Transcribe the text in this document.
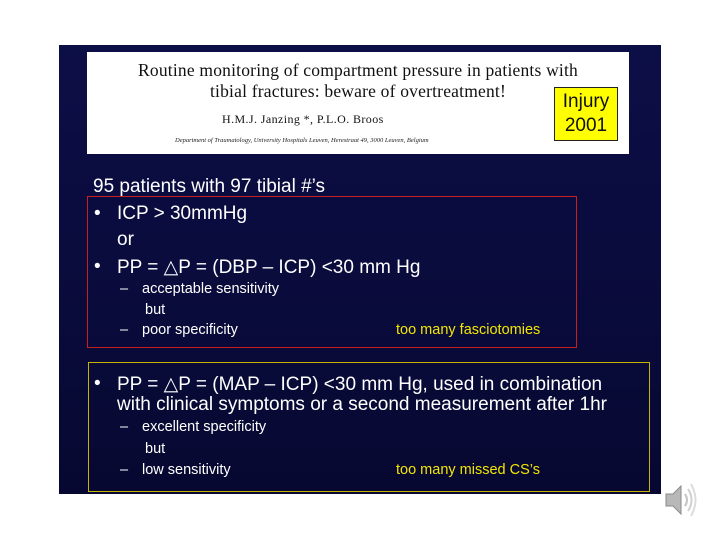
Routine monitoring of compartment pressure in patients with
tibial fractures: beware of overtreatment!
H.M.J. Janzing *, P.L.O. Broos
Department of Traumatology, University Hospitals Leuven, Herestraat 49, 3000 Leuven, Belgium
Injury
2001
95 patients with 97 tibial #’s
• ICP > 30mmHg
or
• PP = △P = (DBP – ICP) <30 mm Hg
– acceptable sensitivity
but
– poor specificity	too many fasciotomies
• PP = △P = (MAP – ICP) <30 mm Hg, used in combination
with clinical symptoms or a second measurement after 1hr
– excellent specificity
but
– low sensitivity	too many missed CS’s
